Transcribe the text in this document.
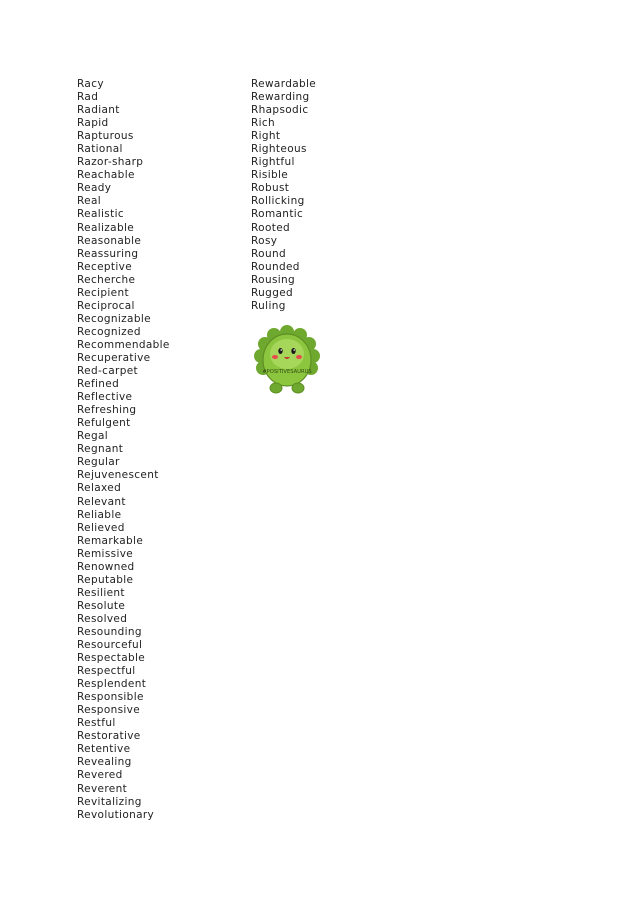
Racy
Rad
Radiant
Rapid
Rapturous
Rational
Razor-sharp
Reachable
Ready
Real
Realistic
Realizable
Reasonable
Reassuring
Receptive
Recherche
Recipient
Reciprocal
Recognizable
Recognized
Recommendable
Recuperative
Red-carpet
Refined
Reflective
Refreshing
Refulgent
Regal
Regnant
Regular
Rejuvenescent
Relaxed
Relevant
Reliable
Relieved
Remarkable
Remissive
Renowned
Reputable
Resilient
Resolute
Resolved
Resounding
Resourceful
Respectable
Respectful
Resplendent
Responsible
Responsive
Restful
Restorative
Retentive
Revealing
Revered
Reverent
Revitalizing
Revolutionary
Rewardable
Rewarding
Rhapsodic
Rich
Right
Righteous
Rightful
Risible
Robust
Rollicking
Romantic
Rooted
Rosy
Round
Rounded
Rousing
Rugged
Ruling
#POSITIVESAURUS
